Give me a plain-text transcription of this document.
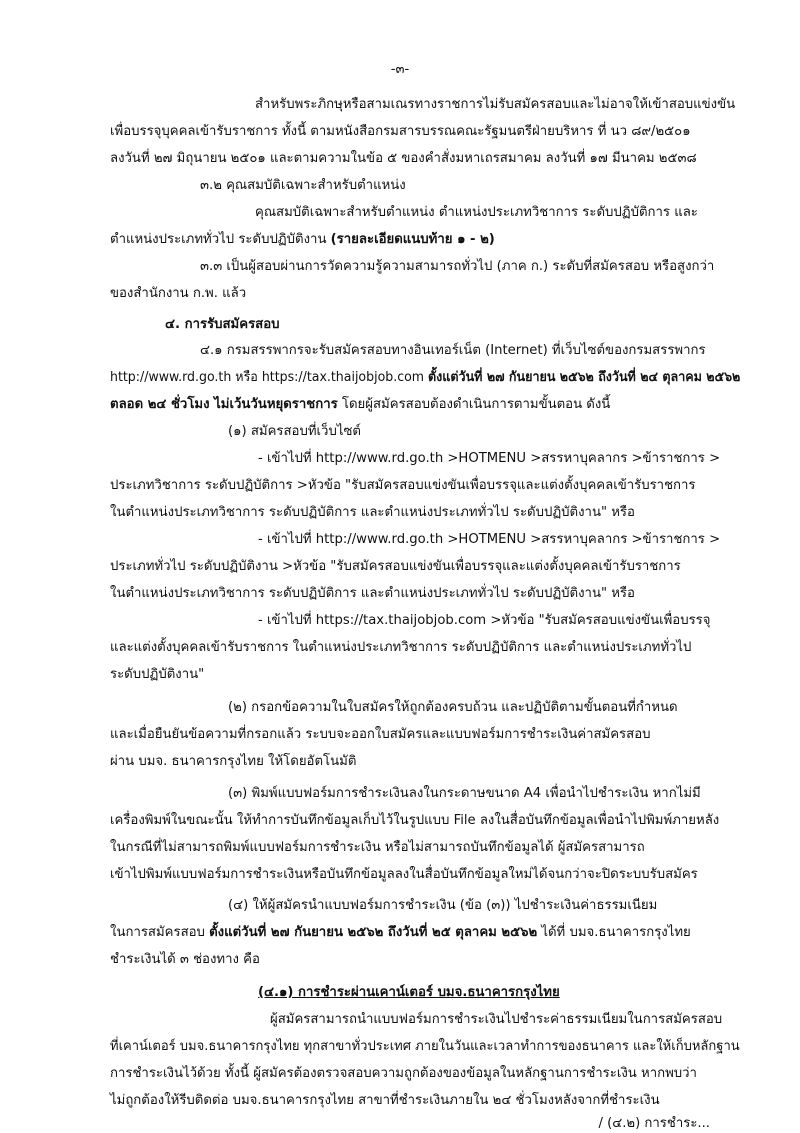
-๓-
สำหรับพระภิกษุหรือสามเณรทางราชการไม่รับสมัครสอบและไม่อาจให้เข้าสอบแข่งขัน
เพื่อบรรจุบุคคลเข้ารับราชการ ทั้งนี้ ตามหนังสือกรมสารบรรณคณะรัฐมนตรีฝ่ายบริหาร ที่ นว ๘๙/๒๕๐๑
ลงวันที่ ๒๗ มิถุนายน ๒๕๐๑ และตามความในข้อ ๕ ของคำสั่งมหาเถรสมาคม ลงวันที่ ๑๗ มีนาคม ๒๕๓๘
๓.๒ คุณสมบัติเฉพาะสำหรับตำแหน่ง
คุณสมบัติเฉพาะสำหรับตำแหน่ง ตำแหน่งประเภทวิชาการ ระดับปฏิบัติการ และ
ตำแหน่งประเภททั่วไป ระดับปฏิบัติงาน (รายละเอียดแนบท้าย ๑ - ๒)
๓.๓ เป็นผู้สอบผ่านการวัดความรู้ความสามารถทั่วไป (ภาค ก.) ระดับที่สมัครสอบ หรือสูงกว่า
ของสำนักงาน ก.พ. แล้ว
๔. การรับสมัครสอบ
๔.๑ กรมสรรพากรจะรับสมัครสอบทางอินเทอร์เน็ต (Internet) ที่เว็บไซต์ของกรมสรรพากร
http://www.rd.go.th หรือ https://tax.thaijobjob.com ตั้งแต่วันที่ ๒๗ กันยายน ๒๕๖๒ ถึงวันที่ ๒๔ ตุลาคม ๒๕๖๒
ตลอด ๒๔ ชั่วโมง ไม่เว้นวันหยุดราชการ โดยผู้สมัครสอบต้องดำเนินการตามขั้นตอน ดังนี้
(๑) สมัครสอบที่เว็บไซต์
- เข้าไปที่ http://www.rd.go.th >HOTMENU >สรรหาบุคลากร >ข้าราชการ >
ประเภทวิชาการ ระดับปฏิบัติการ >หัวข้อ "รับสมัครสอบแข่งขันเพื่อบรรจุและแต่งตั้งบุคคลเข้ารับราชการ
ในตำแหน่งประเภทวิชาการ ระดับปฏิบัติการ และตำแหน่งประเภททั่วไป ระดับปฏิบัติงาน" หรือ
- เข้าไปที่ http://www.rd.go.th >HOTMENU >สรรหาบุคลากร >ข้าราชการ >
ประเภททั่วไป ระดับปฏิบัติงาน >หัวข้อ "รับสมัครสอบแข่งขันเพื่อบรรจุและแต่งตั้งบุคคลเข้ารับราชการ
ในตำแหน่งประเภทวิชาการ ระดับปฏิบัติการ และตำแหน่งประเภททั่วไป ระดับปฏิบัติงาน" หรือ
- เข้าไปที่ https://tax.thaijobjob.com >หัวข้อ "รับสมัครสอบแข่งขันเพื่อบรรจุ
และแต่งตั้งบุคคลเข้ารับราชการ ในตำแหน่งประเภทวิชาการ ระดับปฏิบัติการ และตำแหน่งประเภททั่วไป
ระดับปฏิบัติงาน"
(๒) กรอกข้อความในใบสมัครให้ถูกต้องครบถ้วน และปฏิบัติตามขั้นตอนที่กำหนด
และเมื่อยืนยันข้อความที่กรอกแล้ว ระบบจะออกใบสมัครและแบบฟอร์มการชำระเงินค่าสมัครสอบ
ผ่าน บมจ. ธนาคารกรุงไทย ให้โดยอัตโนมัติ
(๓) พิมพ์แบบฟอร์มการชำระเงินลงในกระดาษขนาด A4 เพื่อนำไปชำระเงิน หากไม่มี
เครื่องพิมพ์ในขณะนั้น ให้ทำการบันทึกข้อมูลเก็บไว้ในรูปแบบ File ลงในสื่อบันทึกข้อมูลเพื่อนำไปพิมพ์ภายหลัง
ในกรณีที่ไม่สามารถพิมพ์แบบฟอร์มการชำระเงิน หรือไม่สามารถบันทึกข้อมูลได้ ผู้สมัครสามารถ
เข้าไปพิมพ์แบบฟอร์มการชำระเงินหรือบันทึกข้อมูลลงในสื่อบันทึกข้อมูลใหม่ได้จนกว่าจะปิดระบบรับสมัคร
(๔) ให้ผู้สมัครนำแบบฟอร์มการชำระเงิน (ข้อ (๓)) ไปชำระเงินค่าธรรมเนียม
ในการสมัครสอบ ตั้งแต่วันที่ ๒๗ กันยายน ๒๕๖๒ ถึงวันที่ ๒๕ ตุลาคม ๒๕๖๒ ได้ที่ บมจ.ธนาคารกรุงไทย
ชำระเงินได้ ๓ ช่องทาง คือ
(๔.๑) การชำระผ่านเคาน์เตอร์ บมจ.ธนาคารกรุงไทย
ผู้สมัครสามารถนำแบบฟอร์มการชำระเงินไปชำระค่าธรรมเนียมในการสมัครสอบ
ที่เคาน์เตอร์ บมจ.ธนาคารกรุงไทย ทุกสาขาทั่วประเทศ ภายในวันและเวลาทำการของธนาคาร และให้เก็บหลักฐาน
การชำระเงินไว้ด้วย ทั้งนี้ ผู้สมัครต้องตรวจสอบความถูกต้องของข้อมูลในหลักฐานการชำระเงิน หากพบว่า
ไม่ถูกต้องให้รีบติดต่อ บมจ.ธนาคารกรุงไทย สาขาที่ชำระเงินภายใน ๒๔ ชั่วโมงหลังจากที่ชำระเงิน
/ (๔.๒) การชำระ...
